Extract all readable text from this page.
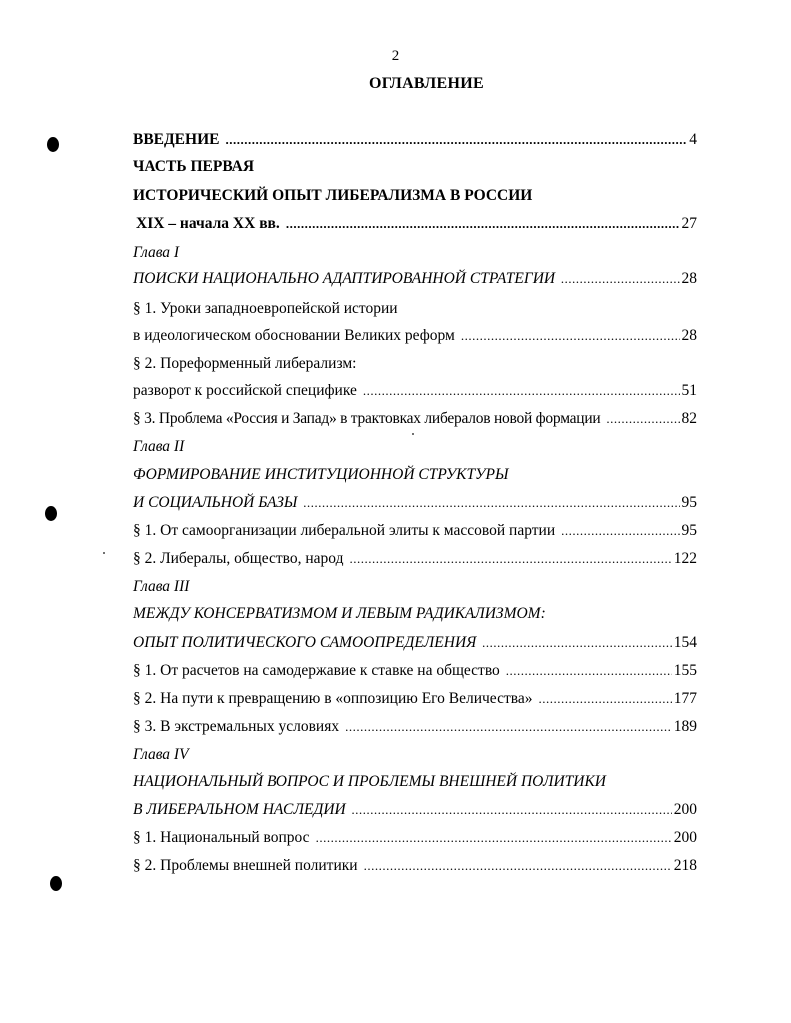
2
ОГЛАВЛЕНИЕ
ВВЕДЕНИЕ .....	4
ЧАСТЬ ПЕРВАЯ
ИСТОРИЧЕСКИЙ ОПЫТ ЛИБЕРАЛИЗМА В РОССИИ
XIX – начала XX вв. .....	27
Глава I
ПОИСКИ НАЦИОНАЛЬНО АДАПТИРОВАННОЙ СТРАТЕГИИ .....	28
§ 1. Уроки западноевропейской истории
в идеологическом обосновании Великих реформ .....	28
§ 2. Пореформенный либерализм:
разворот к российской специфике .....	51
§ 3. Проблема «Россия и Запад» в трактовках либералов новой формации .....	82
Глава II
ФОРМИРОВАНИЕ ИНСТИТУЦИОННОЙ СТРУКТУРЫ
И СОЦИАЛЬНОЙ БАЗЫ .....	95
§ 1. От самоорганизации либеральной элиты к массовой партии .....	95
§ 2. Либералы, общество, народ .....	122
Глава III
МЕЖДУ КОНСЕРВАТИЗМОМ И ЛЕВЫМ РАДИКАЛИЗМОМ:
ОПЫТ ПОЛИТИЧЕСКОГО САМООПРЕДЕЛЕНИЯ .....	154
§ 1. От расчетов на самодержавие к ставке на общество .....	155
§ 2. На пути к превращению в «оппозицию Его Величества» .....	177
§ 3. В экстремальных условиях .....	189
Глава IV
НАЦИОНАЛЬНЫЙ ВОПРОС И ПРОБЛЕМЫ ВНЕШНЕЙ ПОЛИТИКИ
В ЛИБЕРАЛЬНОМ НАСЛЕДИИ .....	200
§ 1. Национальный вопрос .....	200
§ 2. Проблемы внешней политики .....	218
